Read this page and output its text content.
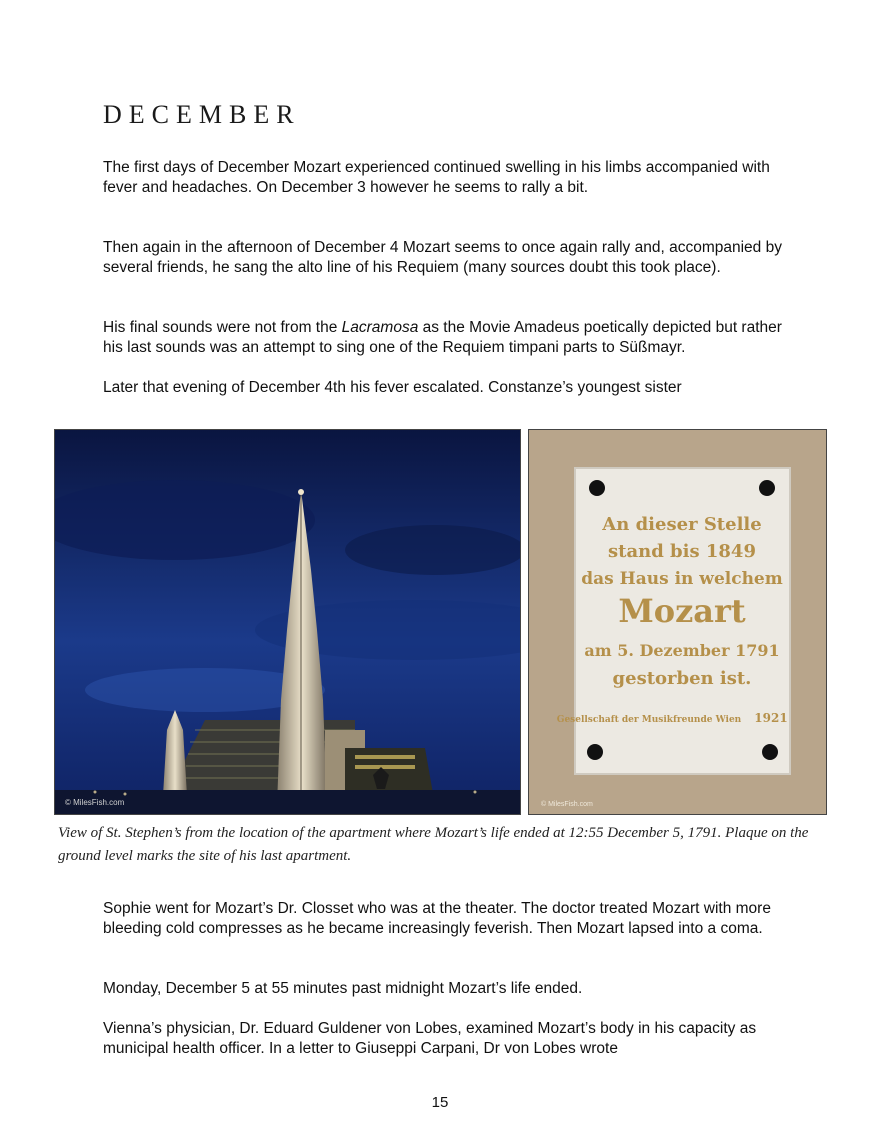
DECEMBER

The first days of December Mozart experienced continued swelling in his limbs accompanied with fever and headaches. On December 3 however he seems to rally a bit.

Then again in the afternoon of December 4 Mozart seems to once again rally and, accompanied by several friends, he sang the alto line of his Requiem (many sources doubt this took place).

His final sounds were not from the Lacramosa as the Movie Amadeus poetically depicted but rather his last sounds was an attempt to sing one of the Requiem timpani parts to Süßmayr.

Later that evening of December 4th his fever escalated. Constanze’s youngest sister

© MilesFish.com
An dieser Stelle
stand bis 1849
das Haus in welchem
Mozart
am 5. Dezember 1791
gestorben ist.
Gesellschaft der Musikfreunde Wien 1921
© MilesFish.com
View of St. Stephen’s from the location of the apartment where Mozart’s life ended at 12:55 December 5, 1791. Plaque on the ground level marks the site of his last apartment.

Sophie went for Mozart’s Dr. Closset who was at the theater. The doctor treated Mozart with more bleeding cold compresses as he became increasingly feverish. Then Mozart lapsed into a coma.

Monday, December 5 at 55 minutes past midnight Mozart’s life ended.

Vienna’s physician, Dr. Eduard Guldener von Lobes, examined Mozart’s body in his capacity as municipal health officer. In a letter to Giuseppi Carpani, Dr von Lobes wrote

15
